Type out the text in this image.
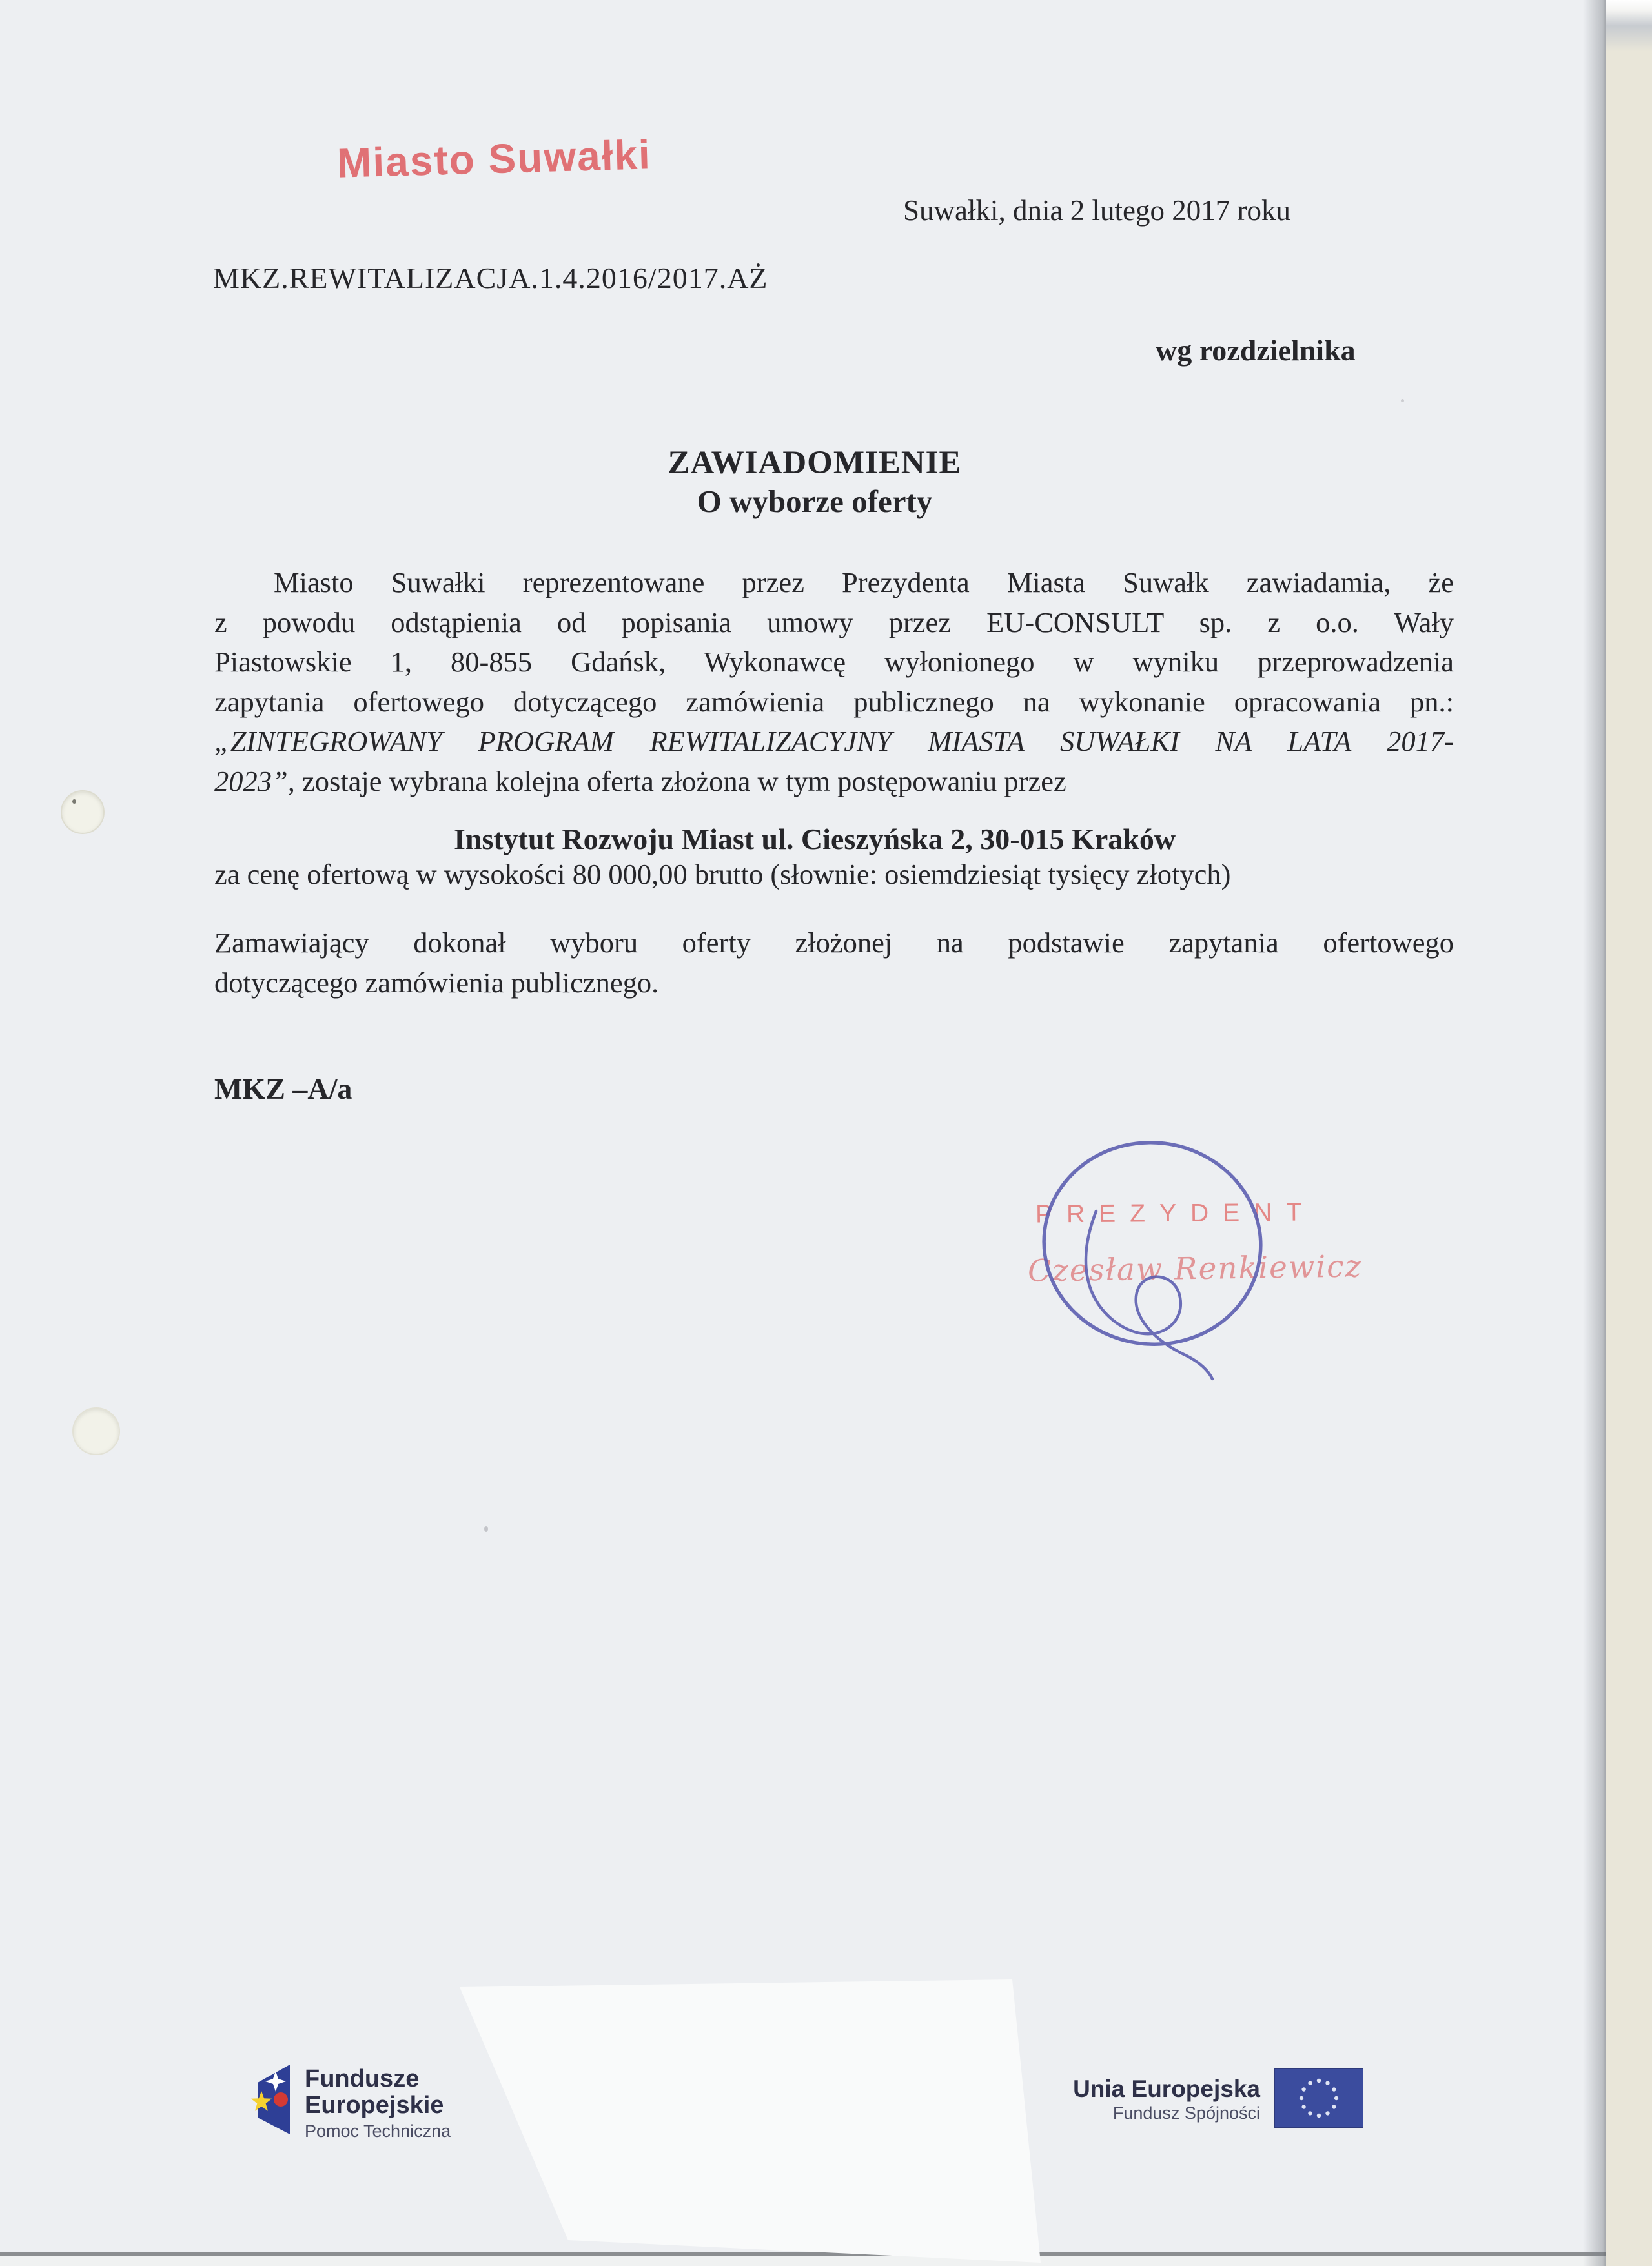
Miasto Suwałki
Suwałki, dnia 2 lutego 2017 roku
MKZ.REWITALIZACJA.1.4.2016/2017.AŻ
wg rozdzielnika
ZAWIADOMIENIE
O wyborze oferty
Miasto Suwałki reprezentowane przez Prezydenta Miasta Suwałk zawiadamia, że
z powodu odstąpienia od popisania umowy przez EU-CONSULT sp. z o.o. Wały
Piastowskie 1, 80-855 Gdańsk, Wykonawcę wyłonionego w wyniku przeprowadzenia
zapytania ofertowego dotyczącego zamówienia publicznego na wykonanie opracowania pn.:
„ZINTEGROWANY PROGRAM REWITALIZACYJNY MIASTA SUWAŁKI NA LATA 2017-
2023”, zostaje wybrana kolejna oferta złożona w tym postępowaniu przez
Instytut Rozwoju Miast ul. Cieszyńska 2, 30-015 Kraków
za cenę ofertową w wysokości 80 000,00 brutto (słownie: osiemdziesiąt tysięcy złotych)
Zamawiający dokonał wyboru oferty złożonej na podstawie zapytania ofertowego
dotyczącego zamówienia publicznego.
MKZ –A/a
PREZYDENT
Czesław Renkiewicz
Fundusze
Europejskie
Pomoc Techniczna
Unia Europejska
Fundusz Spójności
